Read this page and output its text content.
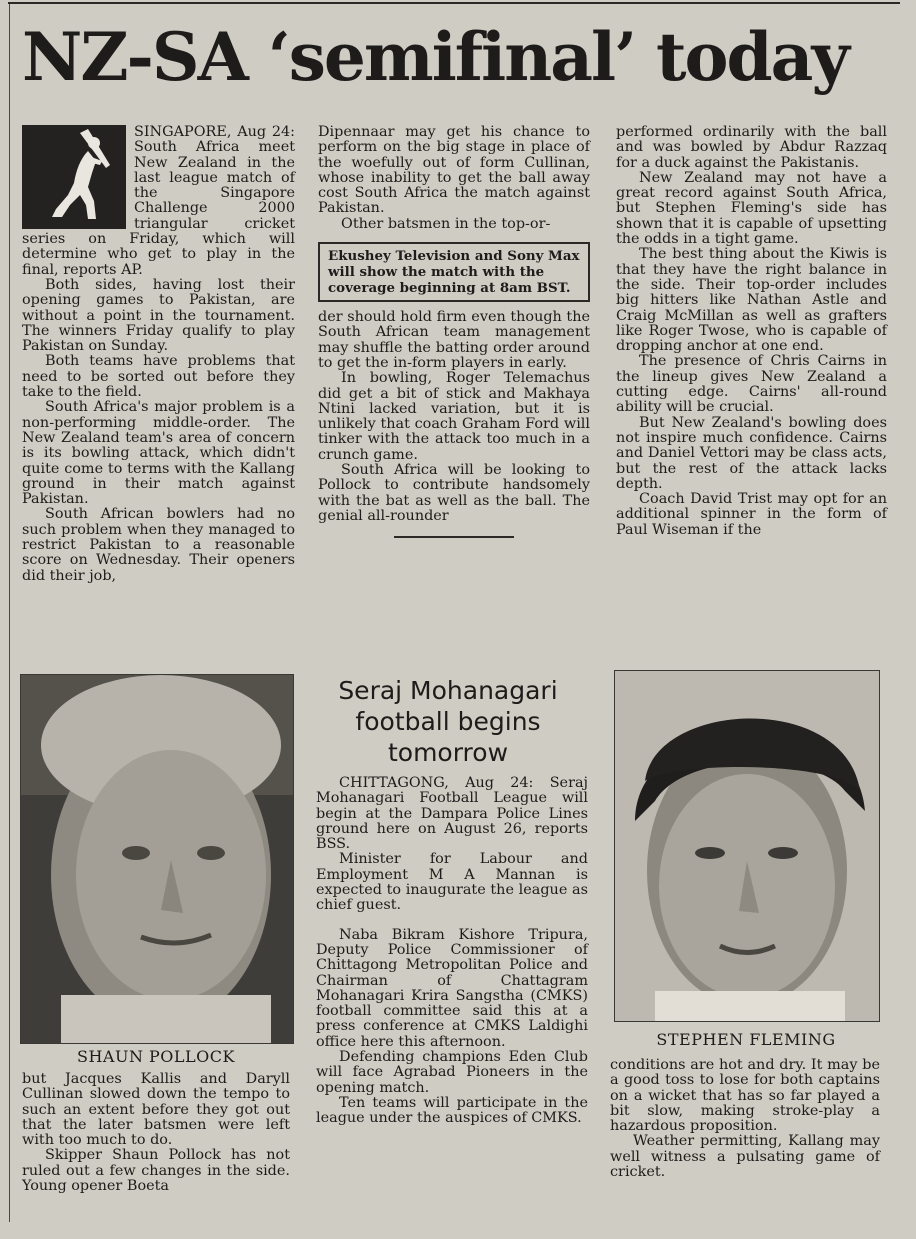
NZ-SA ‘semifinal’ today

SINGAPORE, Aug 24: South Africa meet New Zealand in the last league match of the Singapore Challenge 2000 triangular cricket series on Friday, which will determine who get to play in the final, reports AP.

Both sides, having lost their opening games to Pakistan, are without a point in the tournament. The winners Friday qualify to play Pakistan on Sunday.

Both teams have problems that need to be sorted out before they take to the field.

South Africa's major problem is a non-performing middle-order. The New Zealand team's area of concern is its bowling attack, which didn't quite come to terms with the Kallang ground in their match against Pakistan.

South African bowlers had no such problem when they managed to restrict Pakistan to a reasonable score on Wednesday. Their openers did their job,

SHAUN POLLOCK

but Jacques Kallis and Daryll Cullinan slowed down the tempo to such an extent before they got out that the later batsmen were left with too much to do.

Skipper Shaun Pollock has not ruled out a few changes in the side. Young opener Boeta

Dipennaar may get his chance to perform on the big stage in place of the woefully out of form Cullinan, whose inability to get the ball away cost South Africa the match against Pakistan.

Other batsmen in the top-or-

Ekushey Television and Sony Max will show the match with the coverage beginning at 8am BST.

der should hold firm even though the South African team management may shuffle the batting order around to get the in-form players in early.

In bowling, Roger Telemachus did get a bit of stick and Makhaya Ntini lacked variation, but it is unlikely that coach Graham Ford will tinker with the attack too much in a crunch game.

South Africa will be looking to Pollock to contribute handsomely with the bat as well as the ball. The genial all-rounder

Seraj Mohanagari football begins tomorrow

CHITTAGONG, Aug 24: Seraj Mohanagari Football League will begin at the Dampara Police Lines ground here on August 26, reports BSS.

Minister for Labour and Employment M A Mannan is expected to inaugurate the league as chief guest.

Naba Bikram Kishore Tripura, Deputy Police Commissioner of Chittagong Metropolitan Police and Chairman of Chattagram Mohanagari Krira Sangstha (CMKS) football committee said this at a press conference at CMKS Laldighi office here this afternoon.

Defending champions Eden Club will face Agrabad Pioneers in the opening match.

Ten teams will participate in the league under the auspices of CMKS.

performed ordinarily with the ball and was bowled by Abdur Razzaq for a duck against the Pakistanis.

New Zealand may not have a great record against South Africa, but Stephen Fleming's side has shown that it is capable of upsetting the odds in a tight game.

The best thing about the Kiwis is that they have the right balance in the side. Their top-order includes big hitters like Nathan Astle and Craig McMillan as well as grafters like Roger Twose, who is capable of dropping anchor at one end.

The presence of Chris Cairns in the lineup gives New Zealand a cutting edge. Cairns' all-round ability will be crucial.

But New Zealand's bowling does not inspire much confidence. Cairns and Daniel Vettori may be class acts, but the rest of the attack lacks depth.

Coach David Trist may opt for an additional spinner in the form of Paul Wiseman if the

STEPHEN FLEMING

conditions are hot and dry. It may be a good toss to lose for both captains on a wicket that has so far played a bit slow, making stroke-play a hazardous proposition.

Weather permitting, Kallang may well witness a pulsating game of cricket.
